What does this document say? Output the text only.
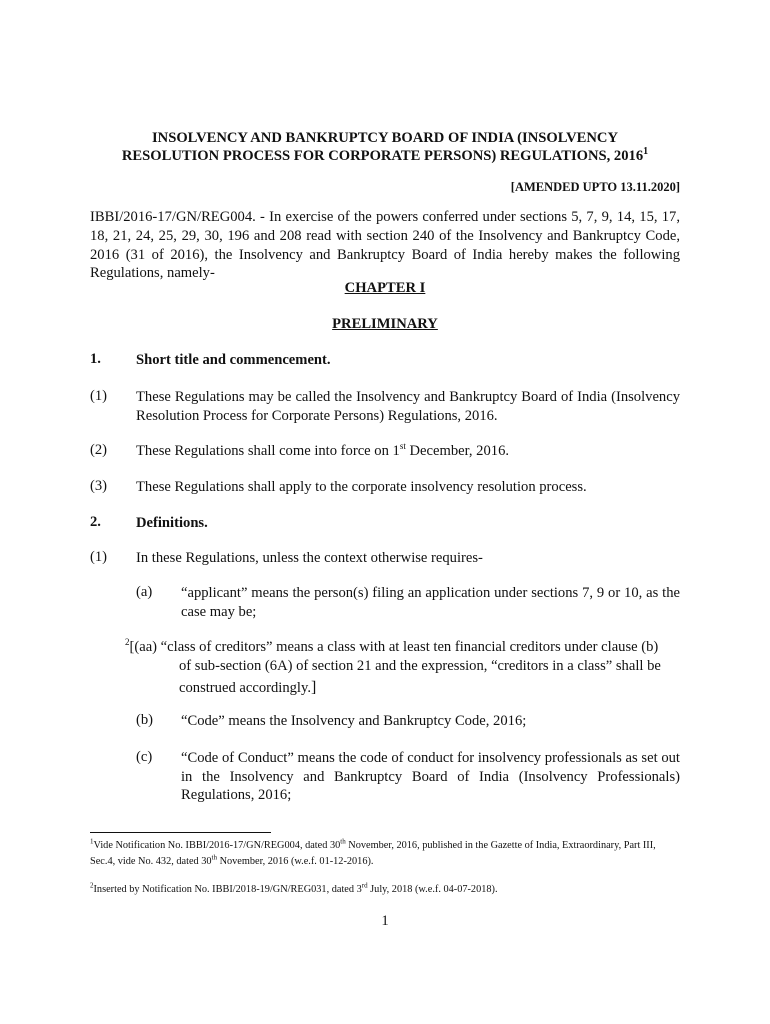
INSOLVENCY AND BANKRUPTCY BOARD OF INDIA (INSOLVENCY
RESOLUTION PROCESS FOR CORPORATE PERSONS) REGULATIONS, 2016$^1$
[AMENDED UPTO 13.11.2020]
IBBI/2016-17/GN/REG004. - In exercise of the powers conferred under sections 5, 7, 9, 14, 15, 17, 18, 21, 24, 25, 29, 30, 196 and 208 read with section 240 of the Insolvency and Bankruptcy Code, 2016 (31 of 2016), the Insolvency and Bankruptcy Board of India hereby makes the following Regulations, namely-
CHAPTER I
PRELIMINARY
1. Short title and commencement.
(1) These Regulations may be called the Insolvency and Bankruptcy Board of India (Insolvency Resolution Process for Corporate Persons) Regulations, 2016.
(2) These Regulations shall come into force on 1st December, 2016.
(3) These Regulations shall apply to the corporate insolvency resolution process.
2. Definitions.
(1) In these Regulations, unless the context otherwise requires-
(a) “applicant” means the person(s) filing an application under sections 7, 9 or 10, as the case may be;
$^2$[(aa) “class of creditors” means a class with at least ten financial creditors under clause (b)
of sub-section (6A) of section 21 and the expression, “creditors in a class” shall be
construed accordingly.]
(b) “Code” means the Insolvency and Bankruptcy Code, 2016;
(c) “Code of Conduct” means the code of conduct for insolvency professionals as set out in the Insolvency and Bankruptcy Board of India (Insolvency Professionals) Regulations, 2016;
$^1$Vide Notification No. IBBI/2016-17/GN/REG004, dated 30th November, 2016, published in the Gazette of India, Extraordinary, Part III, Sec.4, vide No. 432, dated 30th November, 2016 (w.e.f. 01-12-2016).
$^2$Inserted by Notification No. IBBI/2018-19/GN/REG031, dated 3rd July, 2018 (w.e.f. 04-07-2018).
1
